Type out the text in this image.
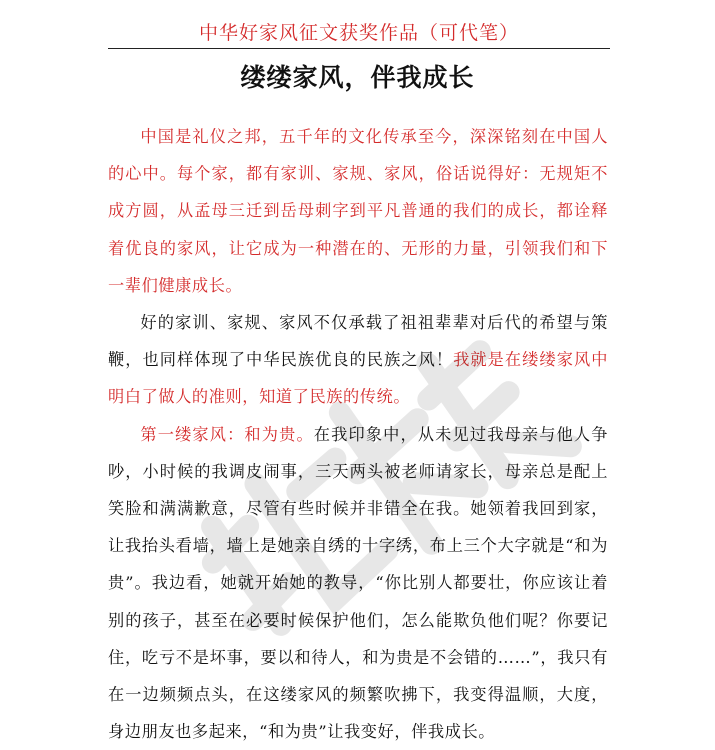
中华好家风征文获奖作品（可代笔）
缕缕家风，伴我成长

中国是礼仪之邦，五千年的文化传承至今，深深铭刻在中国人的心中。每个家，都有家训、家规、家风，俗话说得好：无规矩不成方圆，从孟母三迁到岳母刺字到平凡普通的我们的成长，都诠释着优良的家风，让它成为一种潜在的、无形的力量，引领我们和下一辈们健康成长。

好的家训、家规、家风不仅承载了祖祖辈辈对后代的希望与策鞭，也同样体现了中华民族优良的民族之风！我就是在缕缕家风中明白了做人的准则，知道了民族的传统。

第一缕家风：和为贵。在我印象中，从未见过我母亲与他人争吵，小时候的我调皮闹事，三天两头被老师请家长，母亲总是配上笑脸和满满歉意，尽管有些时候并非错全在我。她领着我回到家，让我抬头看墙，墙上是她亲自绣的十字绣，布上三个大字就是“和为贵”。我边看，她就开始她的教导，“你比别人都要壮，你应该让着别的孩子，甚至在必要时候保护他们，怎么能欺负他们呢？你要记住，吃亏不是坏事，要以和待人，和为贵是不会错的……”，我只有在一边频频点头，在这缕家风的频繁吹拂下，我变得温顺，大度，身边朋友也多起来，“和为贵”让我变好，伴我成长。
